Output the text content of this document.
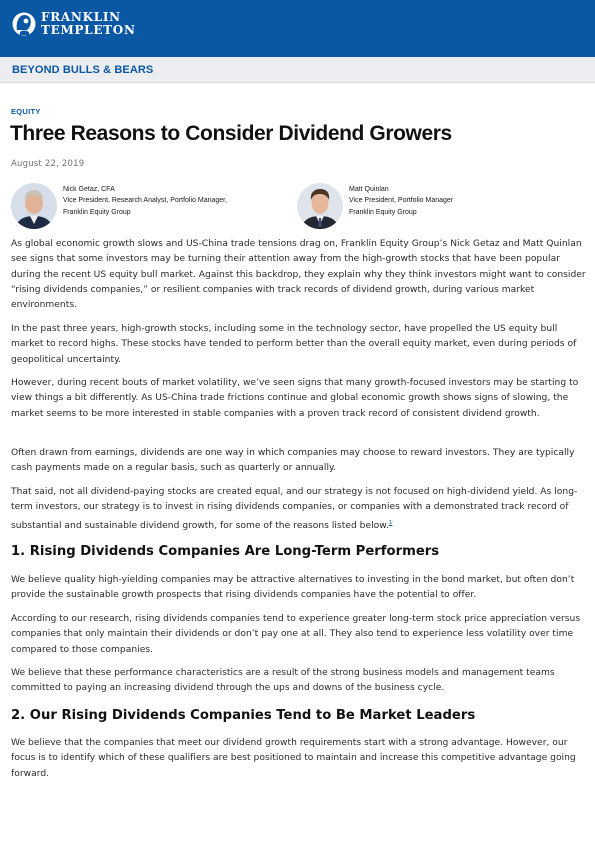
FRANKLIN
TEMPLETON
BEYOND BULLS & BEARS
EQUITY
Three Reasons to Consider Dividend Growers
August 22, 2019
Nick Getaz, CFA
Vice President, Research Analyst, Portfolio Manager,
Franklin Equity Group
Matt Quinlan
Vice President, Portfolio Manager
Franklin Equity Group

As global economic growth slows and US-China trade tensions drag on, Franklin Equity Group’s Nick Getaz and Matt Quinlan see signs that some investors may be turning their attention away from the high-growth stocks that have been popular during the recent US equity bull market. Against this backdrop, they explain why they think investors might want to consider “rising dividends companies,” or resilient companies with track records of dividend growth, during various market environments.

In the past three years, high-growth stocks, including some in the technology sector, have propelled the US equity bull market to record highs. These stocks have tended to perform better than the overall equity market, even during periods of geopolitical uncertainty.

However, during recent bouts of market volatility, we’ve seen signs that many growth-focused investors may be starting to view things a bit differently. As US-China trade frictions continue and global economic growth shows signs of slowing, the market seems to be more interested in stable companies with a proven track record of consistent dividend growth.

Often drawn from earnings, dividends are one way in which companies may choose to reward investors. They are typically cash payments made on a regular basis, such as quarterly or annually.

That said, not all dividend-paying stocks are created equal, and our strategy is not focused on high-dividend yield. As long-term investors, our strategy is to invest in rising dividends companies, or companies with a demonstrated track record of substantial and sustainable dividend growth, for some of the reasons listed below.$^1$

1. Rising Dividends Companies Are Long-Term Performers

We believe quality high-yielding companies may be attractive alternatives to investing in the bond market, but often don’t provide the sustainable growth prospects that rising dividends companies have the potential to offer.

According to our research, rising dividends companies tend to experience greater long-term stock price appreciation versus companies that only maintain their dividends or don’t pay one at all. They also tend to experience less volatility over time compared to those companies.

We believe that these performance characteristics are a result of the strong business models and management teams committed to paying an increasing dividend through the ups and downs of the business cycle.

2. Our Rising Dividends Companies Tend to Be Market Leaders

We believe that the companies that meet our dividend growth requirements start with a strong advantage. However, our focus is to identify which of these qualifiers are best positioned to maintain and increase this competitive advantage going forward.
